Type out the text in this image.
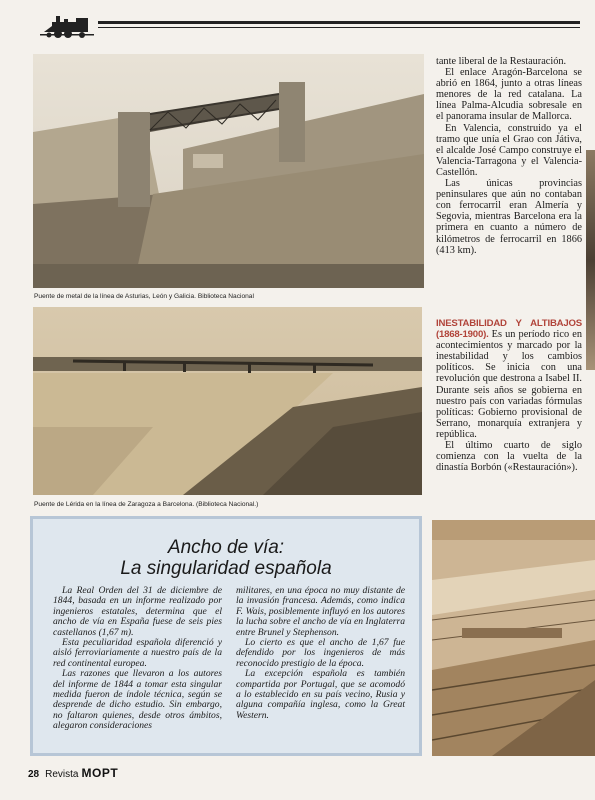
Puente de metal de la línea de Asturias, León y Galicia. Biblioteca Nacional
Puente de Lérida en la línea de Zaragoza a Barcelona. (Biblioteca Nacional.)

tante liberal de la Restauración.

El enlace Aragón-Barcelona se abrió en 1864, junto a otras líneas menores de la red catalana. La línea Palma-Alcudia sobresale en el panorama insular de Mallorca.

En Valencia, construido ya el tramo que unía el Grao con Játiva, el alcalde José Campo construye el Valencia-Tarragona y el Valencia-Castellón.

Las únicas provincias peninsulares que aún no contaban con ferrocarril eran Almería y Segovia, mientras Barcelona era la primera en cuanto a número de kilómetros de ferrocarril en 1866 (413 km).

INESTABILIDAD Y ALTIBAJOS (1868-1900). Es un período rico en acontecimientos y marcado por la inestabilidad y los cambios políticos. Se inicia con una revolución que destrona a Isabel II. Durante seis años se gobierna en nuestro país con variadas fórmulas políticas: Gobierno provisional de Serrano, monarquía extranjera y república.

El último cuarto de siglo comienza con la vuelta de la dinastía Borbón («Restauración»).

Ancho de vía:
La singularidad española

La Real Orden del 31 de diciembre de 1844, basada en un informe realizado por ingenieros estatales, determina que el ancho de vía en España fuese de seis pies castellanos (1,67 m).

Esta peculiaridad española diferenció y aisló ferroviariamente a nuestro país de la red continental europea.

Las razones que llevaron a los autores del informe de 1844 a tomar esta singular medida fueron de índole técnica, según se desprende de dicho estudio. Sin embargo, no faltaron quienes, desde otros ámbitos, alegaron consideraciones

militares, en una época no muy distante de la invasión francesa. Además, como indica F. Wais, posiblemente influyó en los autores la lucha sobre el ancho de vía en Inglaterra entre Brunel y Stephenson.

Lo cierto es que el ancho de 1,67 fue defendido por los ingenieros de más reconocido prestigio de la época.

La excepción española es también compartida por Portugal, que se acomodó a lo establecido en su país vecino, Rusia y alguna compañía inglesa, como la Great Western.

28 Revista MOPT
